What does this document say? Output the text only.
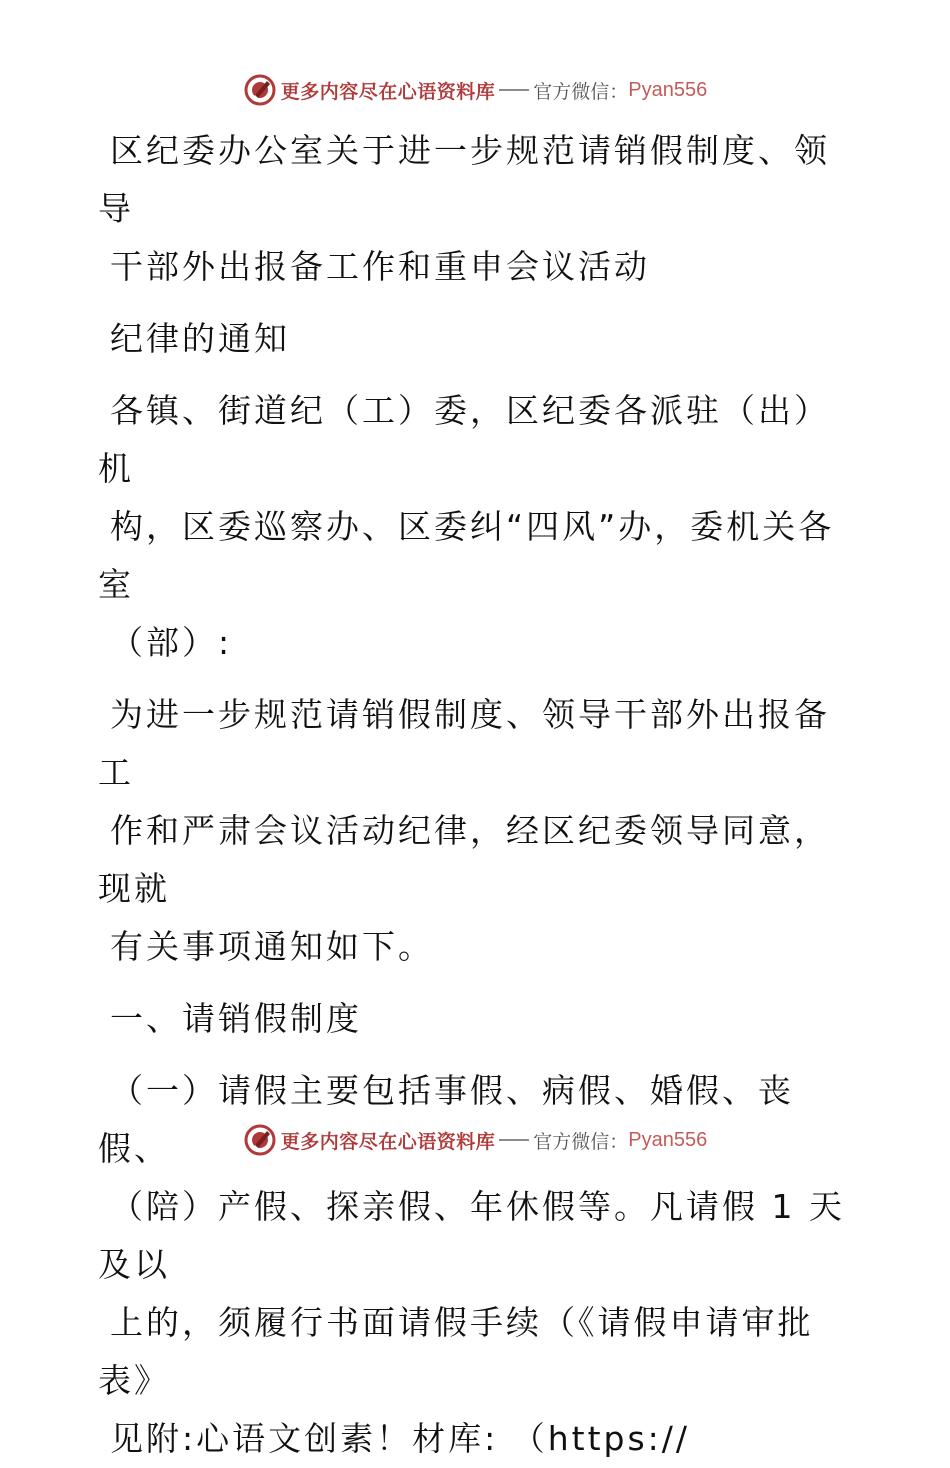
更多内容尽在心语资料库 官方微信： Pyan556

区纪委办公室关于进一步规范请销假制度、领导

干部外出报备工作和重申会议活动

纪律的通知

各镇、街道纪（工）委，区纪委各派驻（出）机

构，区委巡察办、区委纠“四风”办，委机关各室

（部）:

为进一步规范请销假制度、领导干部外出报备工

作和严肃会议活动纪律，经区纪委领导同意，现就

有关事项通知如下。

一、请销假制度

（一）请假主要包括事假、病假、婚假、丧假、

（陪）产假、探亲假、年休假等。凡请假 1 天及以

上的，须履行书面请假手续（《请假申请审批表》

见附:心语文创素！材库: （https://

更多内容尽在心语资料库 官方微信： Pyan556
